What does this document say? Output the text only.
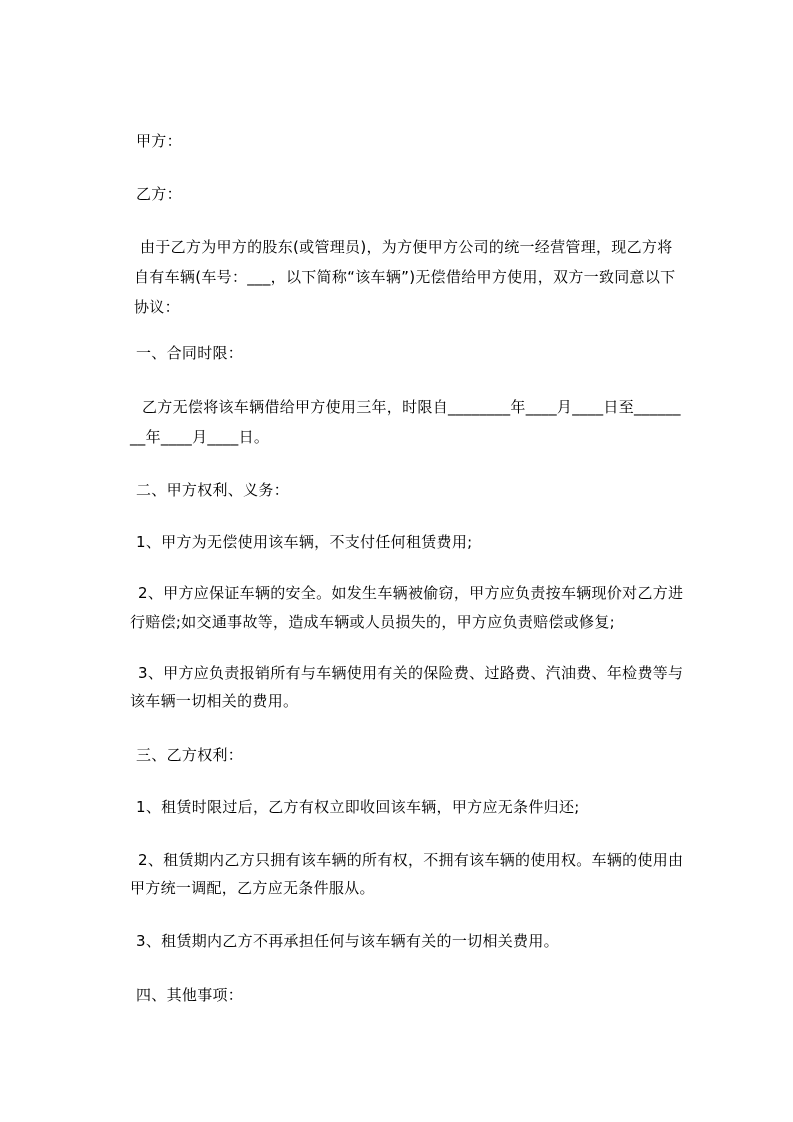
甲方：
乙方：
由于乙方为甲方的股东(或管理员)，为方便甲方公司的统一经营管理，现乙方将
自有车辆(车号：___，以下简称“该车辆”)无偿借给甲方使用，双方一致同意以下
协议：
一、合同时限：
乙方无偿将该车辆借给甲方使用三年，时限自________年____月____日至______
__年____月____日。
二、甲方权利、义务：
1、甲方为无偿使用该车辆，不支付任何租赁费用;
2、甲方应保证车辆的安全。如发生车辆被偷窃，甲方应负责按车辆现价对乙方进
行赔偿;如交通事故等，造成车辆或人员损失的，甲方应负责赔偿或修复;
3、甲方应负责报销所有与车辆使用有关的保险费、过路费、汽油费、年检费等与
该车辆一切相关的费用。
三、乙方权利：
1、租赁时限过后，乙方有权立即收回该车辆，甲方应无条件归还;
2、租赁期内乙方只拥有该车辆的所有权，不拥有该车辆的使用权。车辆的使用由
甲方统一调配，乙方应无条件服从。
3、租赁期内乙方不再承担任何与该车辆有关的一切相关费用。
四、其他事项：
